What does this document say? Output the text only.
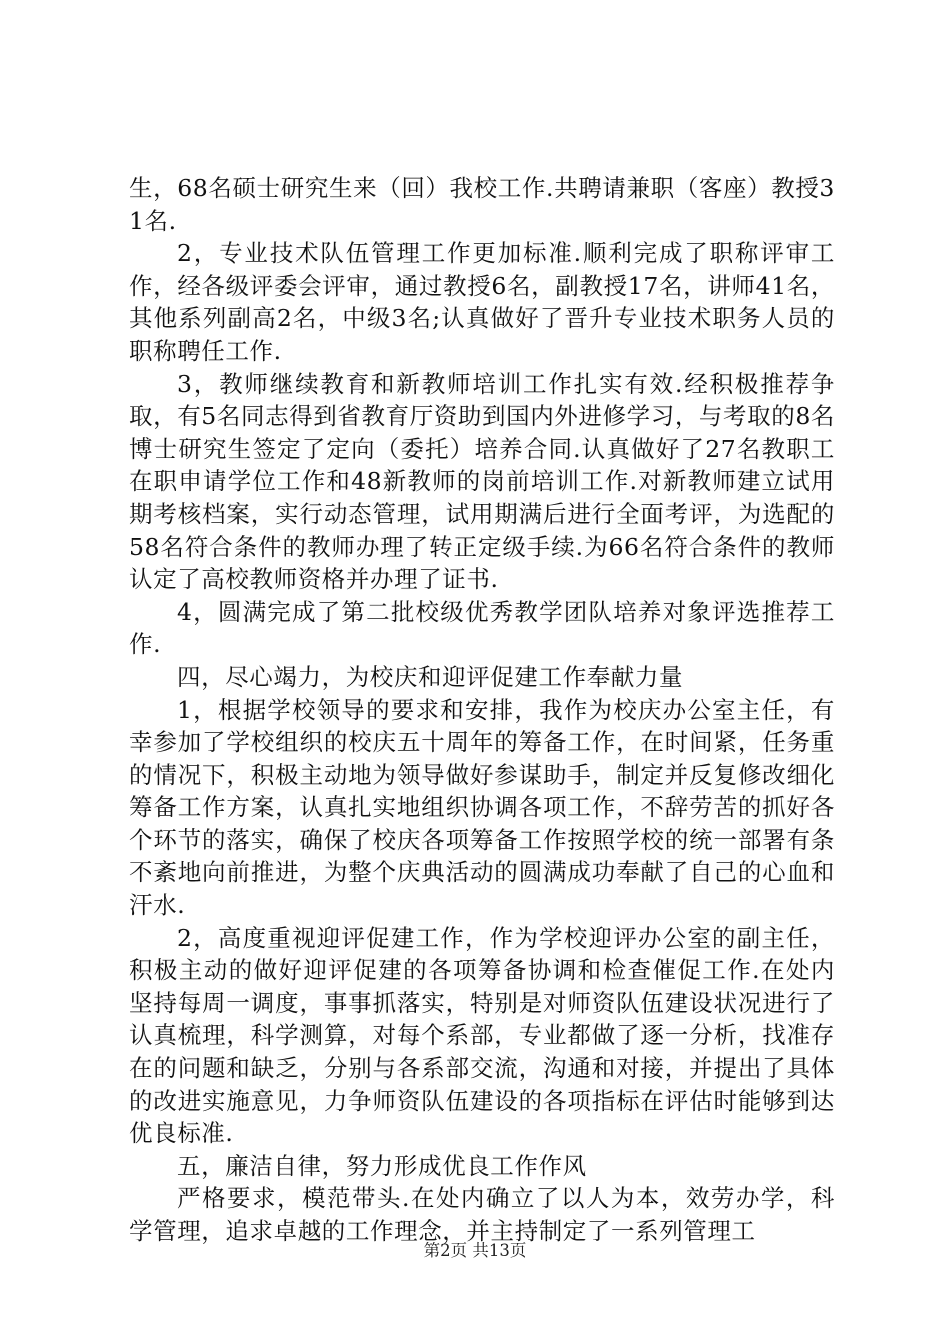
生，68名硕士研究生来（回）我校工作.共聘请兼职（客座）教授31名.

2，专业技术队伍管理工作更加标准.顺利完成了职称评审工作，经各级评委会评审，通过教授6名，副教授17名，讲师41名，其他系列副高2名，中级3名;认真做好了晋升专业技术职务人员的职称聘任工作.

3，教师继续教育和新教师培训工作扎实有效.经积极推荐争取，有5名同志得到省教育厅资助到国内外进修学习，与考取的8名博士研究生签定了定向（委托）培养合同.认真做好了27名教职工在职申请学位工作和48新教师的岗前培训工作.对新教师建立试用期考核档案，实行动态管理，试用期满后进行全面考评，为选配的58名符合条件的教师办理了转正定级手续.为66名符合条件的教师认定了高校教师资格并办理了证书.

4，圆满完成了第二批校级优秀教学团队培养对象评选推荐工作.

四，尽心竭力，为校庆和迎评促建工作奉献力量

1，根据学校领导的要求和安排，我作为校庆办公室主任，有幸参加了学校组织的校庆五十周年的筹备工作，在时间紧，任务重的情况下，积极主动地为领导做好参谋助手，制定并反复修改细化筹备工作方案，认真扎实地组织协调各项工作，不辞劳苦的抓好各个环节的落实，确保了校庆各项筹备工作按照学校的统一部署有条不紊地向前推进，为整个庆典活动的圆满成功奉献了自己的心血和汗水.

2，高度重视迎评促建工作，作为学校迎评办公室的副主任，积极主动的做好迎评促建的各项筹备协调和检查催促工作.在处内坚持每周一调度，事事抓落实，特别是对师资队伍建设状况进行了认真梳理，科学测算，对每个系部，专业都做了逐一分析，找准存在的问题和缺乏，分别与各系部交流，沟通和对接，并提出了具体的改进实施意见，力争师资队伍建设的各项指标在评估时能够到达优良标准.

五，廉洁自律，努力形成优良工作作风

严格要求，模范带头.在处内确立了以人为本，效劳办学，科学管理，追求卓越的工作理念，并主持制定了一系列管理工

第2页 共13页
